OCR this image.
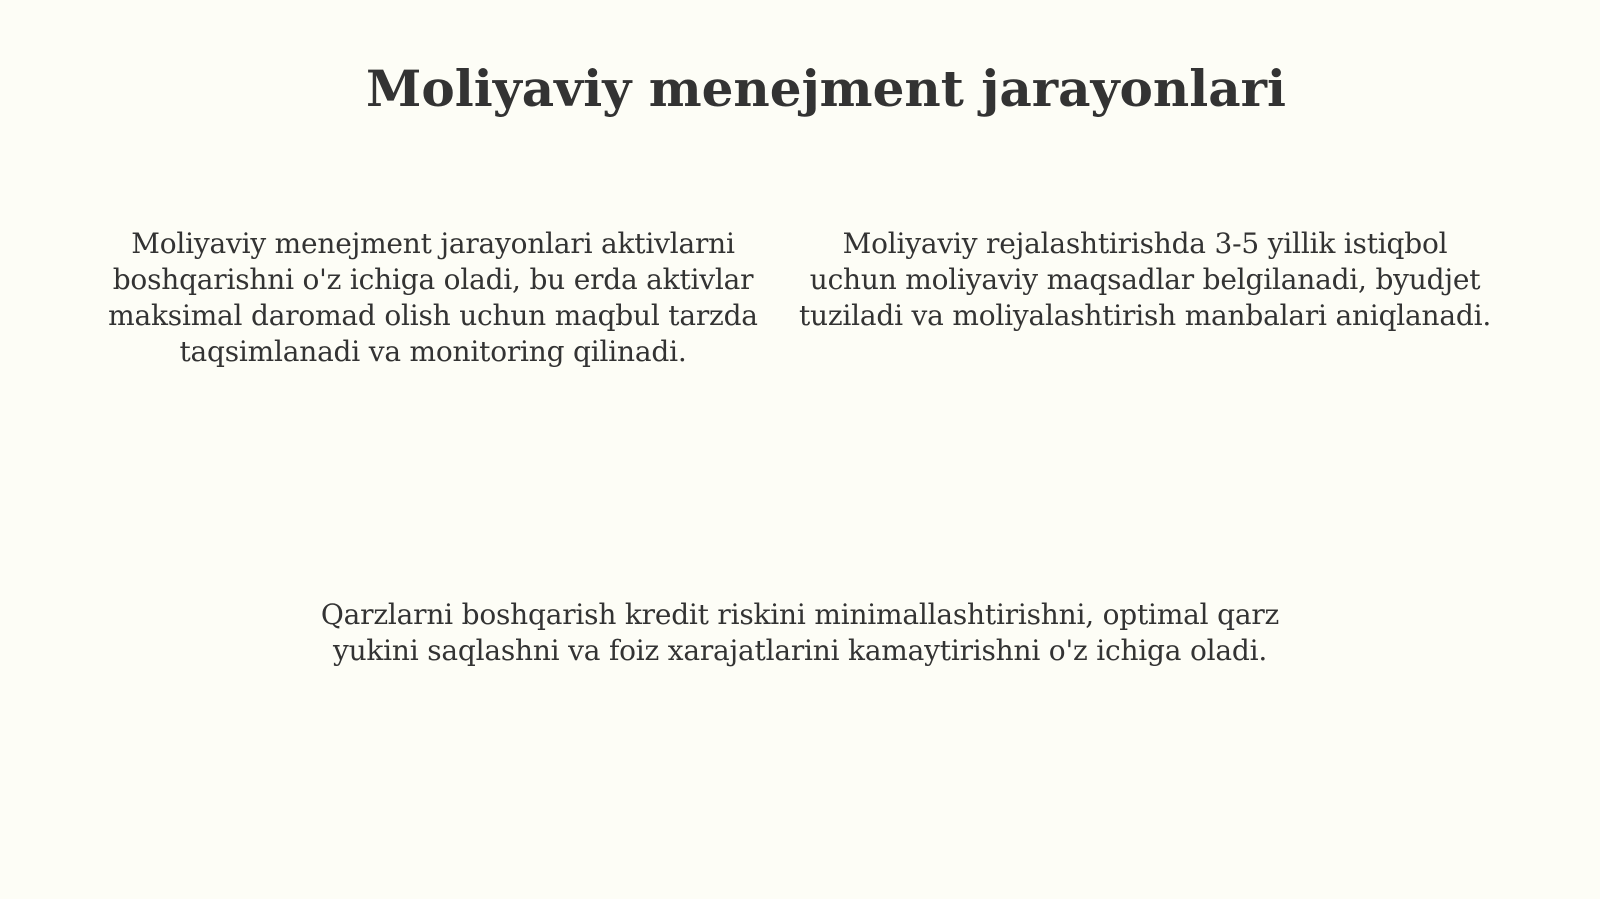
Moliyaviy menejment jarayonlari

Moliyaviy menejment jarayonlari aktivlarni boshqarishni o'z ichiga oladi, bu erda aktivlar maksimal daromad olish uchun maqbul tarzda taqsimlanadi va monitoring qilinadi.

Moliyaviy rejalashtirishda 3-5 yillik istiqbol uchun moliyaviy maqsadlar belgilanadi, byudjet tuziladi va moliyalashtirish manbalari aniqlanadi.

Qarzlarni boshqarish kredit riskini minimallashtirishni, optimal qarz yukini saqlashni va foiz xarajatlarini kamaytirishni o'z ichiga oladi.
